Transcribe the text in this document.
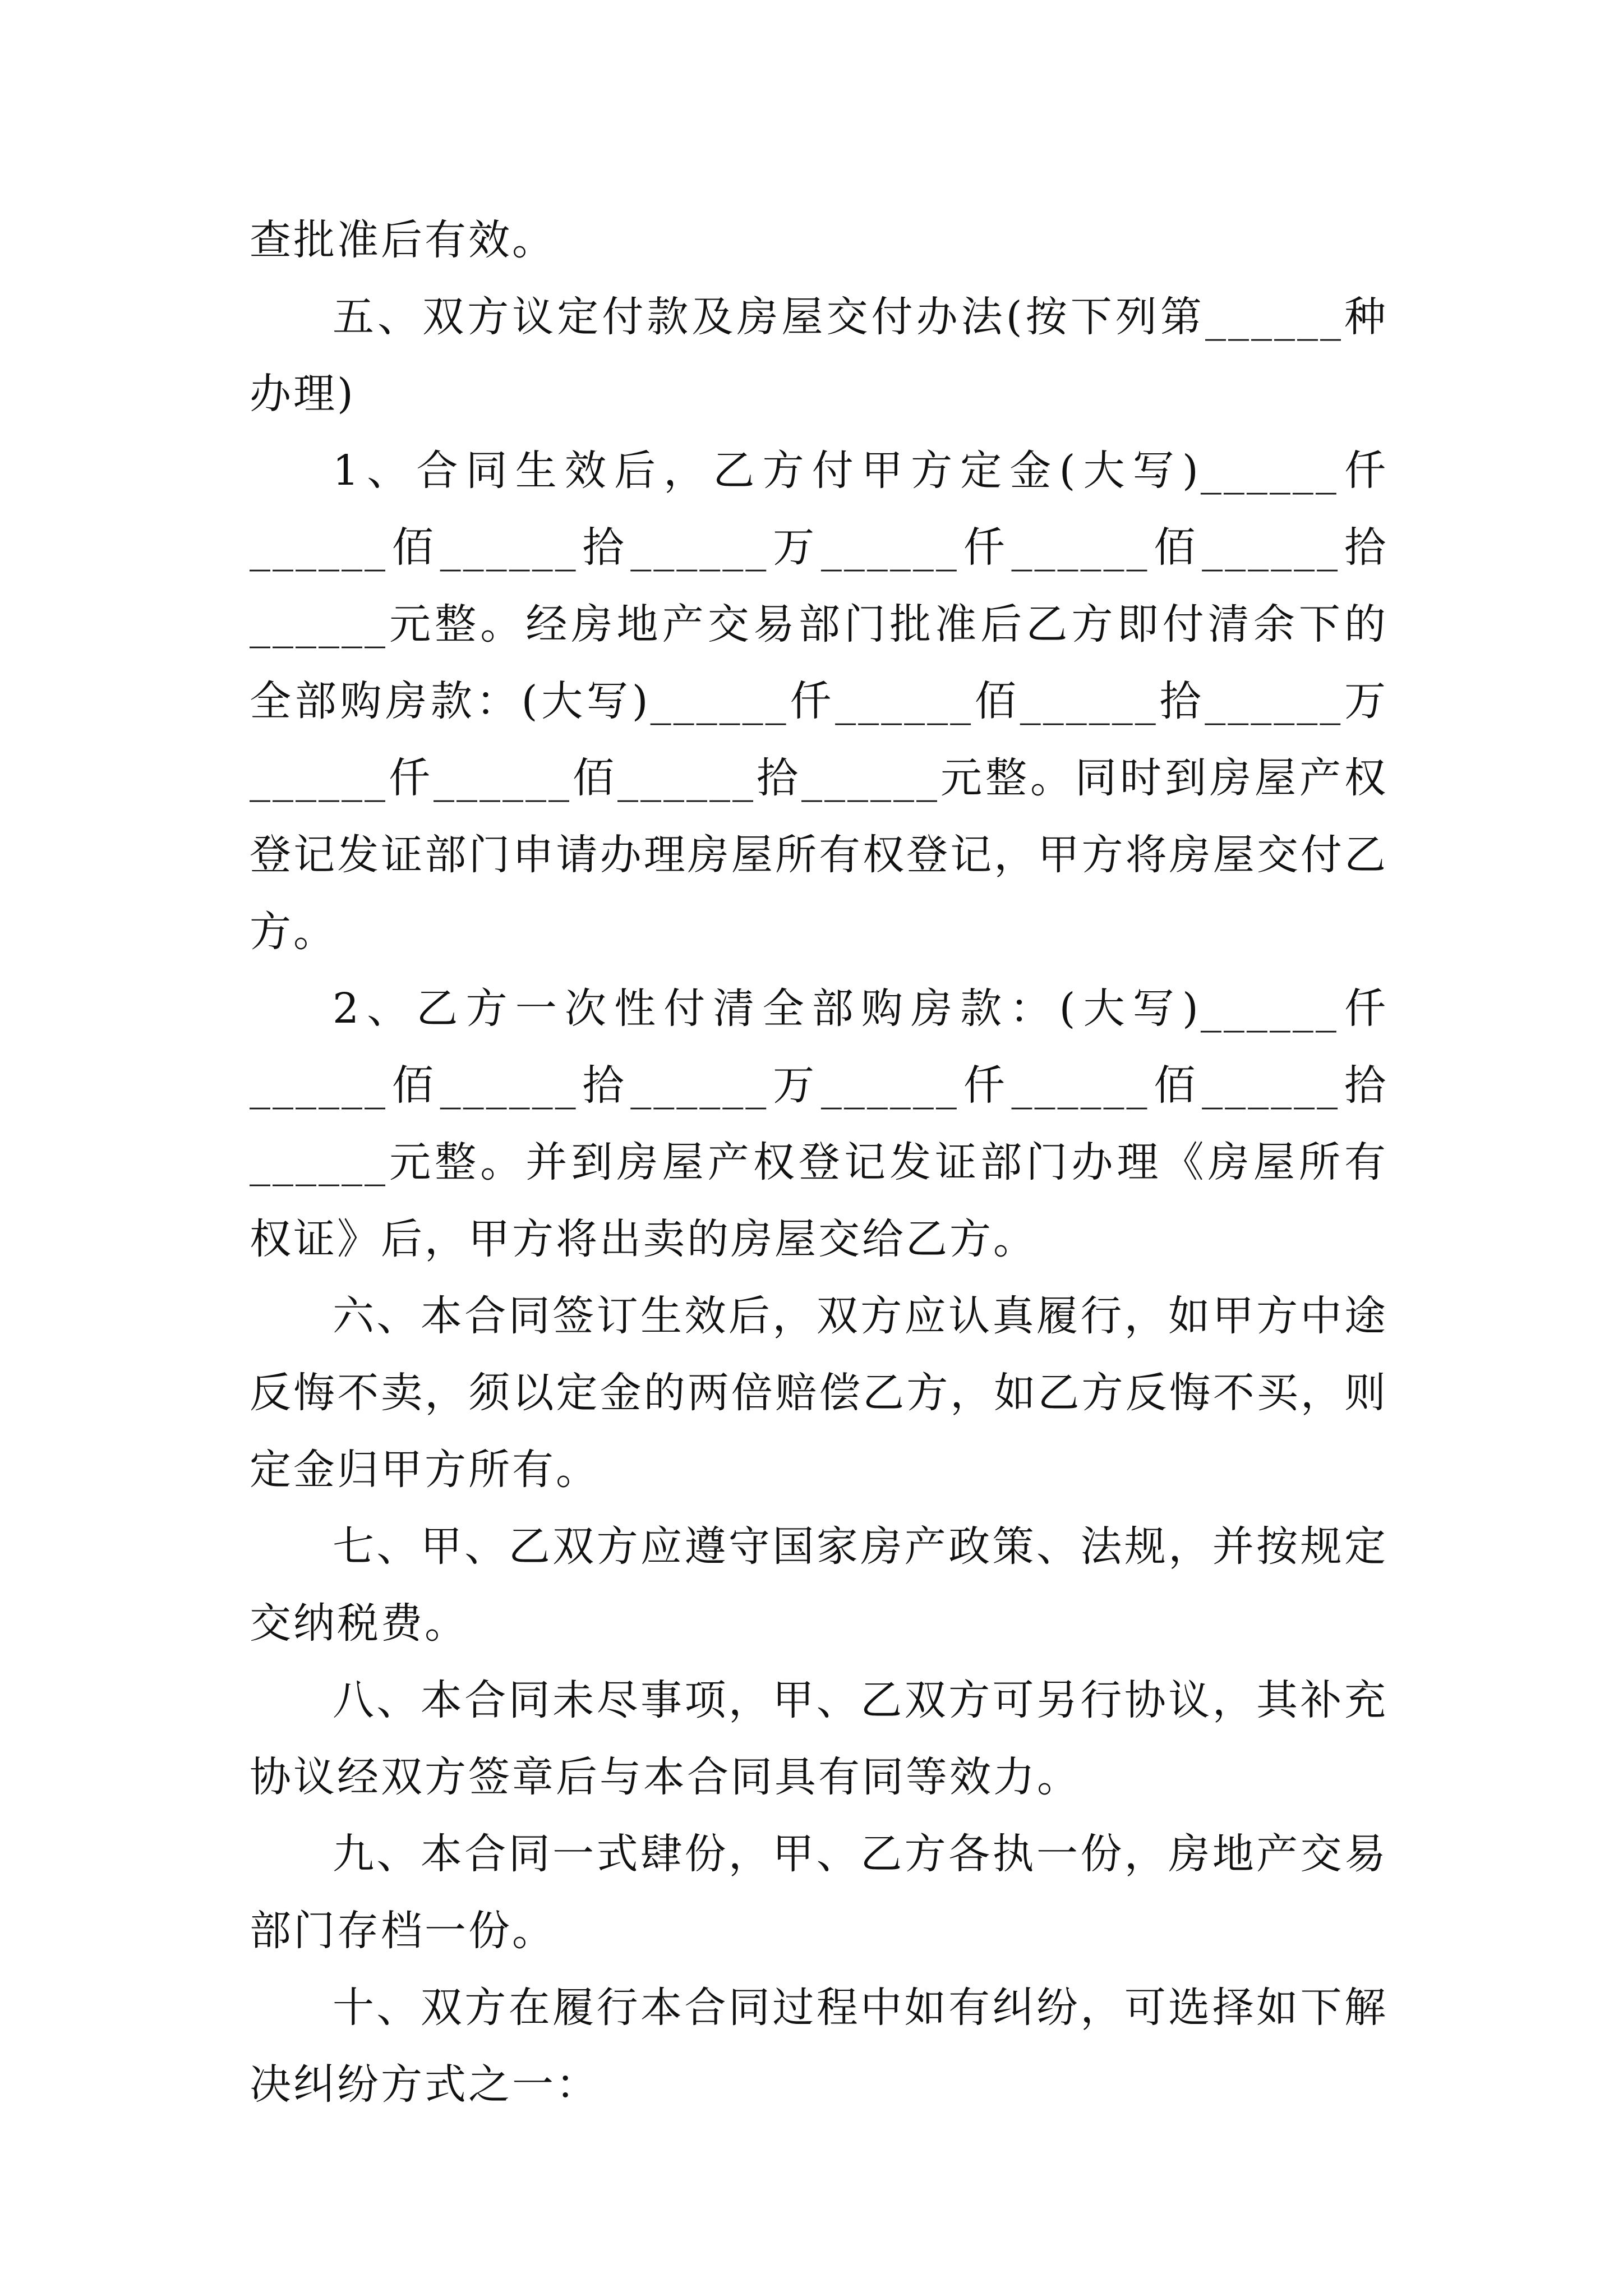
查批准后有效。

五、双方议定付款及房屋交付办法(按下列第______种办理)

1、合同生效后，乙方付甲方定金(大写)______仟______佰______拾______万______仟______佰______拾______元整。经房地产交易部门批准后乙方即付清余下的全部购房款：(大写)______仟______佰______拾______万______仟______佰______拾______元整。同时到房屋产权登记发证部门申请办理房屋所有权登记，甲方将房屋交付乙方。

2、乙方一次性付清全部购房款：(大写)______仟______佰______拾______万______仟______佰______拾______元整。并到房屋产权登记发证部门办理《房屋所有权证》后，甲方将出卖的房屋交给乙方。

六、本合同签订生效后，双方应认真履行，如甲方中途反悔不卖，须以定金的两倍赔偿乙方，如乙方反悔不买，则定金归甲方所有。

七、甲、乙双方应遵守国家房产政策、法规，并按规定交纳税费。

八、本合同未尽事项，甲、乙双方可另行协议，其补充协议经双方签章后与本合同具有同等效力。

九、本合同一式肆份，甲、乙方各执一份，房地产交易部门存档一份。

十、双方在履行本合同过程中如有纠纷，可选择如下解决纠纷方式之一：
